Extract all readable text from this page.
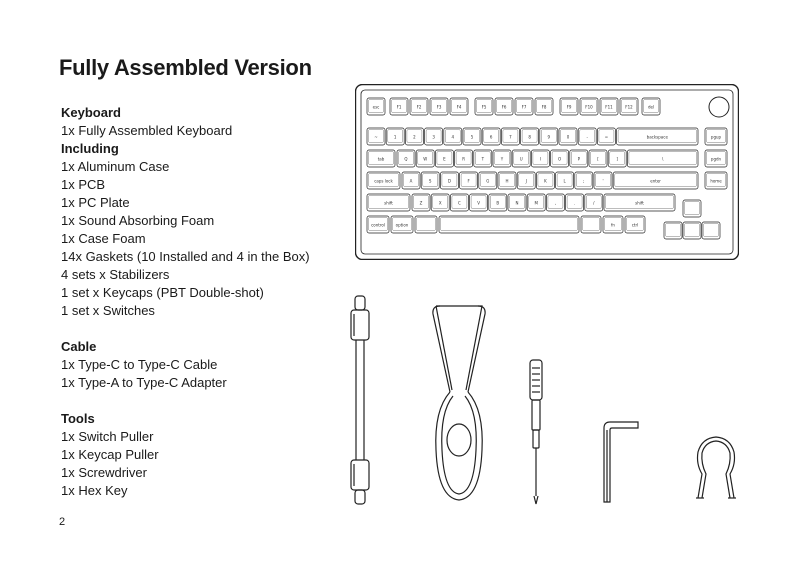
Fully Assembled Version
Keyboard
1x Fully Assembled Keyboard
Including
1x Aluminum Case
1x PCB
1x PC Plate
1x Sound Absorbing Foam
1x Case Foam
14x Gaskets (10 Installed and 4 in the Box)
4 sets x Stabilizers
1 set x Keycaps (PBT Double-shot)
1 set x Switches
Cable
1x Type-C to Type-C Cable
1x Type-A to Type-C Adapter
Tools
1x Switch Puller
1x Keycap Puller
1x Screwdriver
1x Hex Key
2
esc	F1	F2	F3	F4	F5	F6	F7	F8	F9	F10	F11	F12	del
~	1	2	3	4	5	6	7	8	9	0	-	=	backspace	pgup
tab	Q	W	E	R	T	Y	U	I	O	P	[	]	\	pgdn
caps lock	A	S	D	F	G	H	J	K	L	;	'	enter	home
shift	Z	X	C	V	B	N	M	,	.	/	shift
control	option	fn	ctrl
